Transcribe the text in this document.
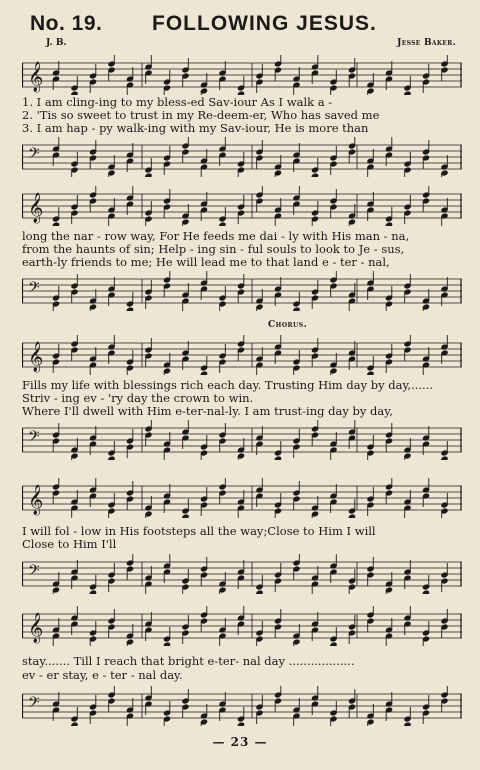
No. 19. FOLLOWING JESUS.
J. B.	Jesse Baker.
𝄞
1. I am cling-ing to my bless-ed Sav-iour As I walk a -
2. 'Tis so sweet to trust in my Re-deem-er, Who has saved me
3. I am hap - py walk-ing with my Sav-iour, He is more than
𝄢
𝄞
long the nar - row way, For He feeds me dai - ly with His man - na,
from the haunts of sin; Help - ing sin - ful souls to look to Je - sus,
earth-ly friends to me; He will lead me to that land e - ter - nal,
𝄢
Chorus.
𝄞
Fills my life with blessings rich each day. Trusting Him day by day,......
Striv - ing ev - 'ry day the crown to win.
Where I'll dwell with Him e-ter-nal-ly. I am trust-ing day by day,
𝄢
𝄞
I will fol - low in His footsteps all the way;Close to Him I will
Close to Him I'll
𝄢
𝄞
stay....... Till I reach that bright e-ter- nal day ..................
ev - er stay, e - ter - nal day.
𝄢
— 23 —
